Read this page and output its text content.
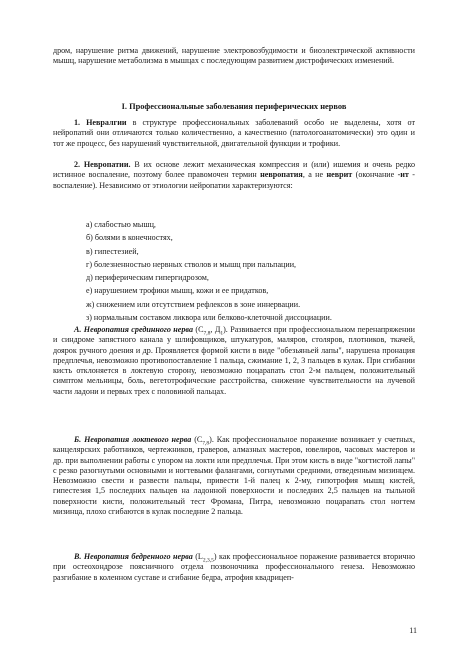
дром, нарушение ритма движений, нарушение электровозбудимости и биоэлектрической активности мышц, нарушение метаболизма в мышцах с последующим развитием дистрофических изменений.

I. Профессиональные заболевания периферических нервов

1. Невралгии в структуре профессиональных заболеваний особо не выделены, хотя от нейропатий они отличаются только количественно, а качественно (патологоанатомически) это один и тот же процесс, без нарушений чувствительной, двигательной функции и трофики.

2. Невропатии. В их основе лежит механическая компрессия и (или) ишемия и очень редко истинное воспаление, поэтому более правомочен термин невропатия, а не неврит (окончание -ит - воспаление). Независимо от этиологии нейропатии характеризуются:

а) слабостью мышц,
б) болями в конечностях,
в) гипестезией,
г) болезненностью нервных стволов и мышц при пальпации,
д) периферическим гипергидрозом,
е) нарушением трофики мышц, кожи и ее придатков,
ж) снижением или отсутствием рефлексов в зоне иннервации.
з) нормальным составом ликвора или белково-клеточной диссоциации.

А. Невропатия срединного нерва ($С_{7,8}$, $Д_1$). Развивается при профессиональном перенапряжении и синдроме запястного канала у шлифовщиков, штукатуров, маляров, столяров, плотников, ткачей, доярок ручного доения и др. Проявляется формой кисти в виде "обезьяньей лапы", нарушена пронация предплечья, невозможно противопоставление 1 пальца, сжимание 1, 2, 3 пальцев в кулак. При сгибании кисть отклоняется в локтевую сторону, невозможно поцарапать стол 2-м пальцем, положительный симптом мельницы, боль, вегетотрофические расстройства, снижение чувствительности на лучевой части ладони и первых трех с половиной пальцах.

Б. Невропатия локтевого нерва $(С_{7,8})$. Как профессиональное поражение возникает у счетных, канцелярских работников, чертежников, граверов, алмазных мастеров, ювелиров, часовых мастеров и др. при выполнении работы с упором на локти или предплечья. При этом кисть в виде "когтистой лапы" с резко разогнутыми основными и ногтевыми фалангами, согнутыми средними, отведенным мизинцем. Невозможно свести и развести пальцы, привести 1-й палец к 2-му, гипотрофия мышц кистей, гипестезия 1,5 последних пальцев на ладонной поверхности и последних 2,5 пальцев на тыльной поверхности кисти, положительный тест Фромана, Питра, невозможно поцарапать стол ногтем мизинца, плохо сгибаются в кулак последние 2 пальца.

В. Невропатия бедренного нерва $(L_{2,3,5})$ как профессиональное поражение развивается вторично при остеохондрозе поясничного отдела позвоночника профессионального генеза. Невозможно разгибание в коленном суставе и сгибание бедра, атрофия квадрицеп-

11
